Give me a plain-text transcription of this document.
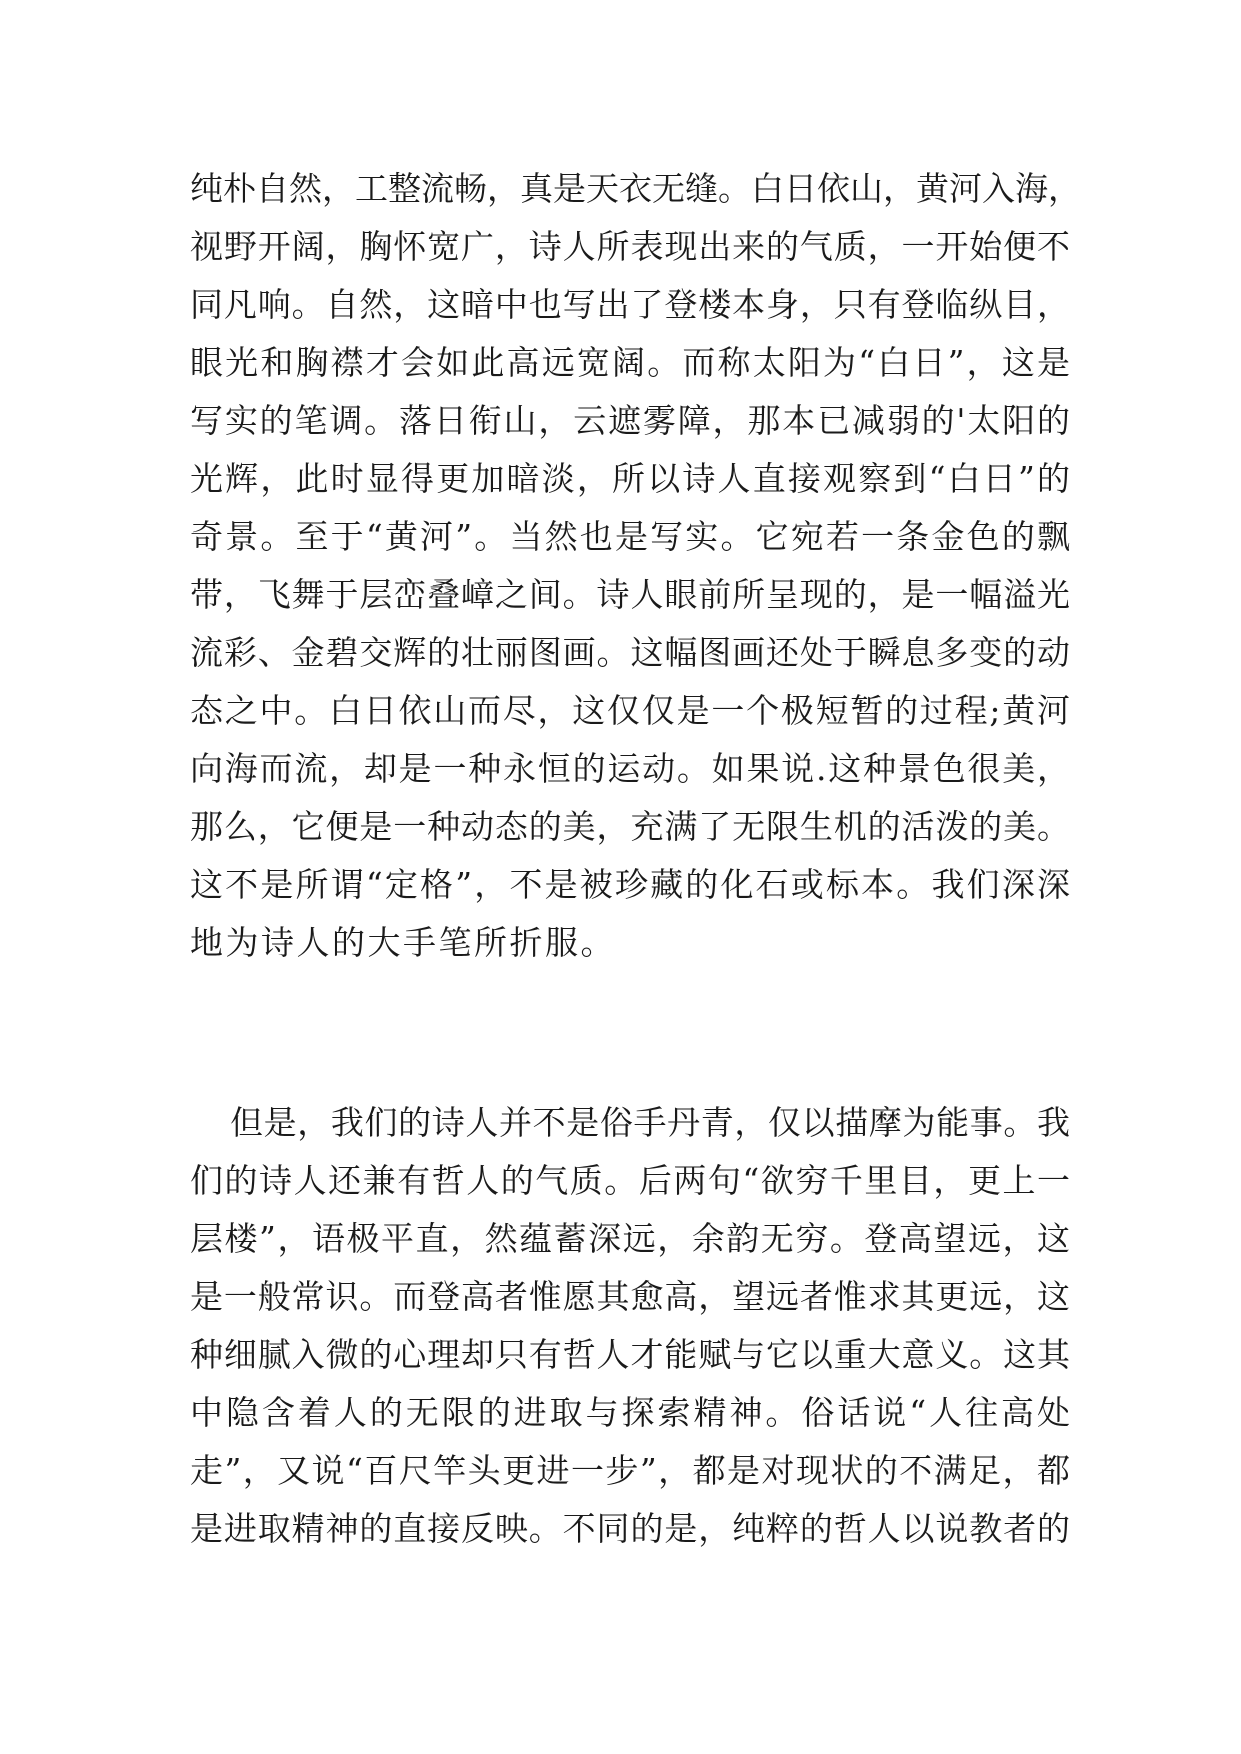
纯朴自然，工整流畅，真是天衣无缝。白日依山，黄河入海，
视野开阔，胸怀宽广，诗人所表现出来的气质，一开始便不
同凡响。自然，这暗中也写出了登楼本身，只有登临纵目，
眼光和胸襟才会如此高远宽阔。而称太阳为“白日”，这是
写实的笔调。落日衔山，云遮雾障，那本已减弱的'太阳的
光辉，此时显得更加暗淡，所以诗人直接观察到“白日”的
奇景。至于“黄河”。当然也是写实。它宛若一条金色的飘
带，飞舞于层峦叠嶂之间。诗人眼前所呈现的，是一幅溢光
流彩、金碧交辉的壮丽图画。这幅图画还处于瞬息多变的动
态之中。白日依山而尽，这仅仅是一个极短暂的过程;黄河
向海而流，却是一种永恒的运动。如果说.这种景色很美，
那么，它便是一种动态的美，充满了无限生机的活泼的美。
这不是所谓“定格”，不是被珍藏的化石或标本。我们深深
地为诗人的大手笔所折服。
但是，我们的诗人并不是俗手丹青，仅以描摩为能事。我
们的诗人还兼有哲人的气质。后两句“欲穷千里目，更上一
层楼”，语极平直，然蕴蓄深远，余韵无穷。登高望远，这
是一般常识。而登高者惟愿其愈高，望远者惟求其更远，这
种细腻入微的心理却只有哲人才能赋与它以重大意义。这其
中隐含着人的无限的进取与探索精神。俗话说“人往高处
走”，又说“百尺竿头更进一步”，都是对现状的不满足，都
是进取精神的直接反映。不同的是，纯粹的哲人以说教者的
